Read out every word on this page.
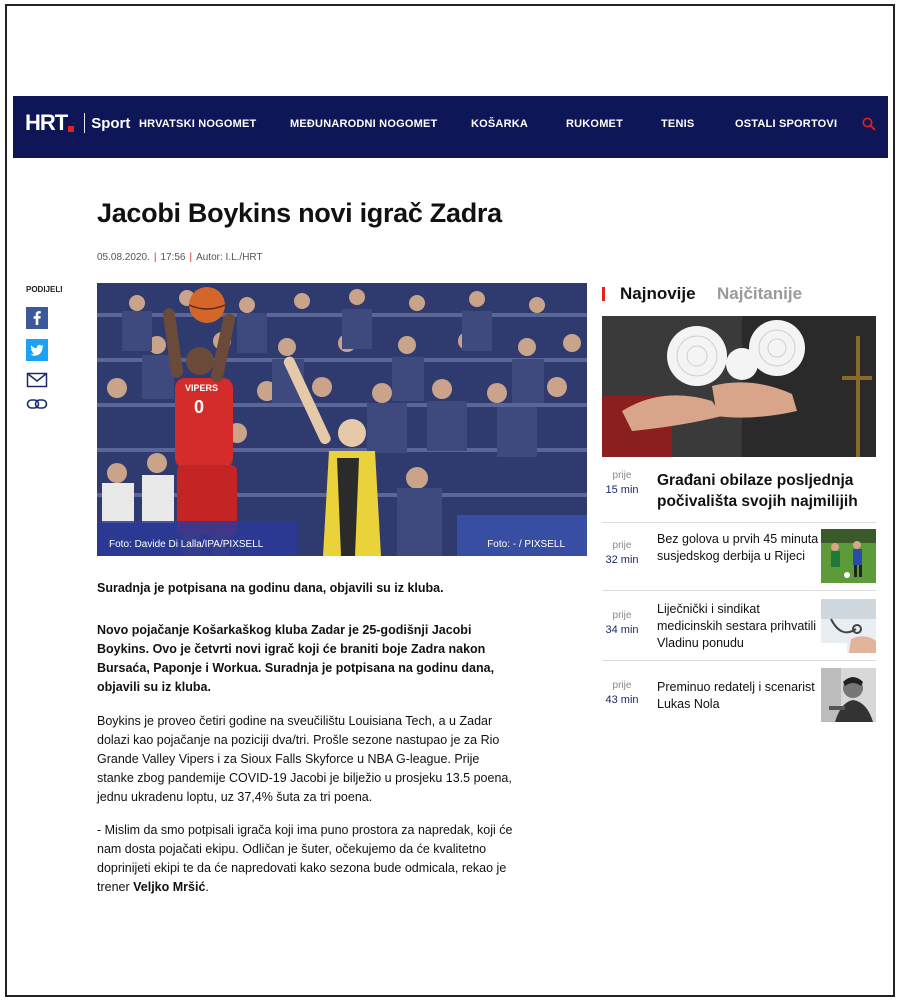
HRT Sport HRVATSKI NOGOMET	MEĐUNARODNI NOGOMET	KOŠARKA	RUKOMET	TENIS	OSTALI SPORTOVI
Jacobi Boykins novi igrač Zadra
05.08.2020. | 17:56 | Autor: I.L./HRT
PODIJELI
0
VIPERS
Foto: Davide Di Lalla/IPA/PIXSELL	Foto: - / PIXSELL

Suradnja je potpisana na godinu dana, objavili su iz kluba.

Novo pojačanje Košarkaškog kluba Zadar je 25-godišnji Jacobi Boykins. Ovo je četvrti novi igrač koji će braniti boje Zadra nakon Bursaća, Paponje i Workua. Suradnja je potpisana na godinu dana, objavili su iz kluba.

Boykins je proveo četiri godine na sveučilištu Louisiana Tech, a u Zadar dolazi kao pojačanje na poziciji dva/tri. Prošle sezone nastupao je za Rio Grande Valley Vipers i za Sioux Falls Skyforce u NBA G-league. Prije stanke zbog pandemije COVID-19 Jacobi je bilježio u prosjeku 13.5 poena, jednu ukradenu loptu, uz 37,4% šuta za tri poena.

- Mislim da smo potpisali igrača koji ima puno prostora za napredak, koji će nam dosta pojačati ekipu. Odličan je šuter, očekujemo da će kvalitetno doprinijeti ekipi te da će napredovati kako sezona bude odmicala, rekao je trener Veljko Mršić.

Najnovije Najčitanije
prije
15 min
Građani obilaze posljednja počivališta svojih najmilijih
prije
32 min
Bez golova u prvih 45 minuta susjedskog derbija u Rijeci
prije
34 min
Liječnički i sindikat medicinskih sestara prihvatili Vladinu ponudu
prije
43 min
Preminuo redatelj i scenarist Lukas Nola
